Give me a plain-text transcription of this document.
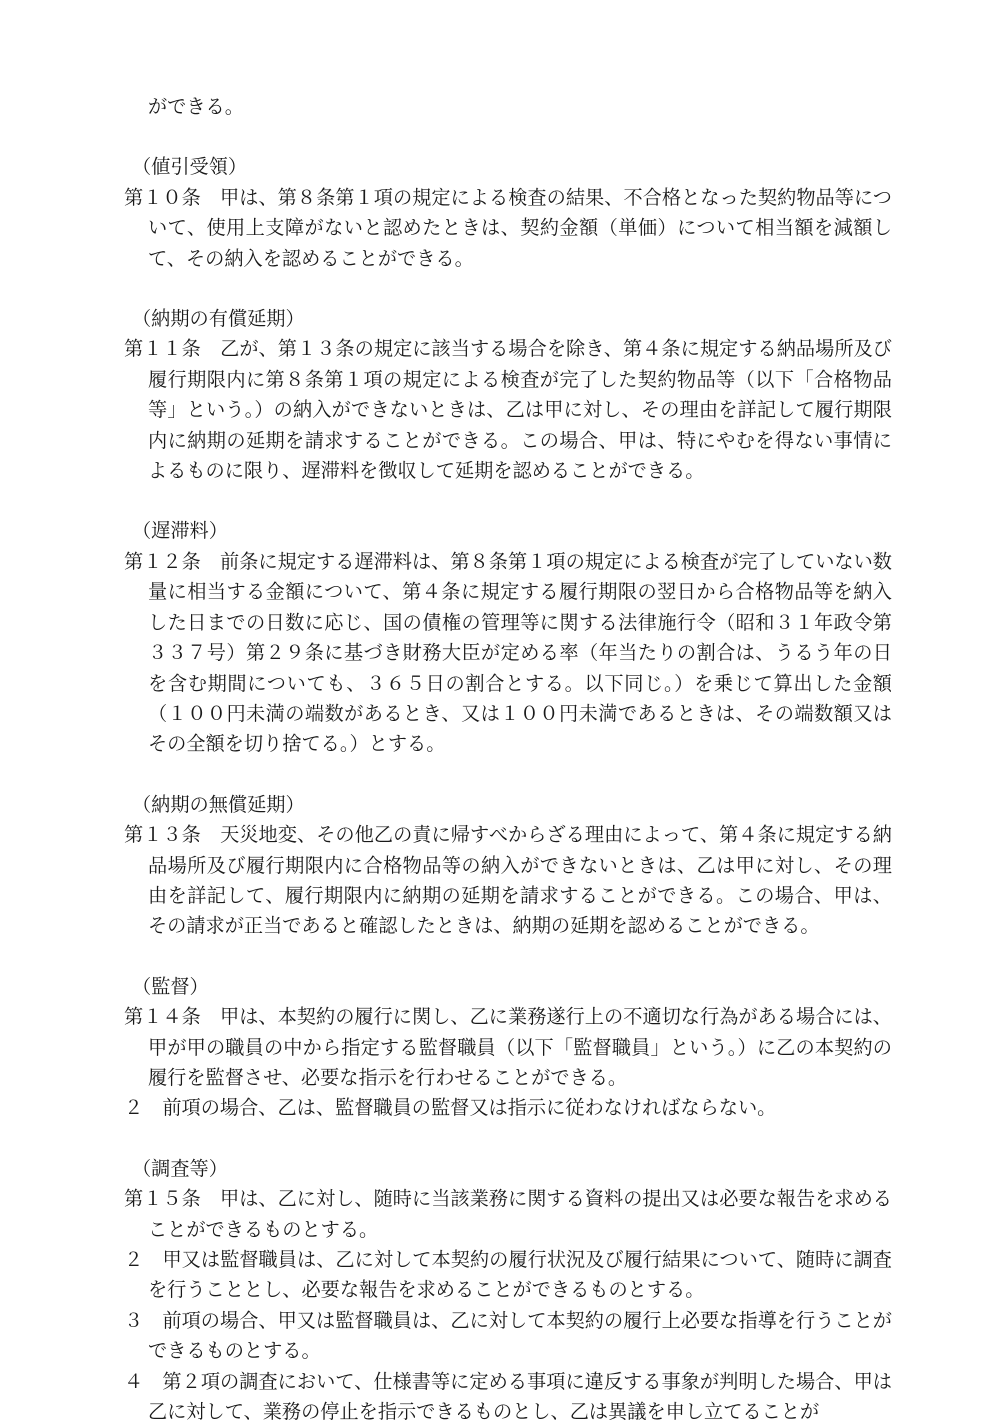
ができる。
（値引受領）
第１０条　甲は、第８条第１項の規定による検査の結果、不合格となった契約物品等について、使用上支障がないと認めたときは、契約金額（単価）について相当額を減額して、その納入を認めることができる。
（納期の有償延期）
第１１条　乙が、第１３条の規定に該当する場合を除き、第４条に規定する納品場所及び履行期限内に第８条第１項の規定による検査が完了した契約物品等（以下「合格物品等」という。）の納入ができないときは、乙は甲に対し、その理由を詳記して履行期限内に納期の延期を請求することができる。この場合、甲は、特にやむを得ない事情によるものに限り、遅滞料を徴収して延期を認めることができる。
（遅滞料）
第１２条　前条に規定する遅滞料は、第８条第１項の規定による検査が完了していない数量に相当する金額について、第４条に規定する履行期限の翌日から合格物品等を納入した日までの日数に応じ、国の債権の管理等に関する法律施行令（昭和３１年政令第３３７号）第２９条に基づき財務大臣が定める率（年当たりの割合は、うるう年の日を含む期間についても、３６５日の割合とする。以下同じ。）を乗じて算出した金額（１００円未満の端数があるとき、又は１００円未満であるときは、その端数額又はその全額を切り捨てる。）とする。
（納期の無償延期）
第１３条　天災地変、その他乙の責に帰すべからざる理由によって、第４条に規定する納品場所及び履行期限内に合格物品等の納入ができないときは、乙は甲に対し、その理由を詳記して、履行期限内に納期の延期を請求することができる。この場合、甲は、その請求が正当であると確認したときは、納期の延期を認めることができる。
（監督）
第１４条　甲は、本契約の履行に関し、乙に業務遂行上の不適切な行為がある場合には、甲が甲の職員の中から指定する監督職員（以下「監督職員」という。）に乙の本契約の履行を監督させ、必要な指示を行わせることができる。
２　前項の場合、乙は、監督職員の監督又は指示に従わなければならない。
（調査等）
第１５条　甲は、乙に対し、随時に当該業務に関する資料の提出又は必要な報告を求めることができるものとする。
２　甲又は監督職員は、乙に対して本契約の履行状況及び履行結果について、随時に調査を行うこととし、必要な報告を求めることができるものとする。
３　前項の場合、甲又は監督職員は、乙に対して本契約の履行上必要な指導を行うことができるものとする。
４　第２項の調査において、仕様書等に定める事項に違反する事象が判明した場合、甲は乙に対して、業務の停止を指示できるものとし、乙は異議を申し立てることが
